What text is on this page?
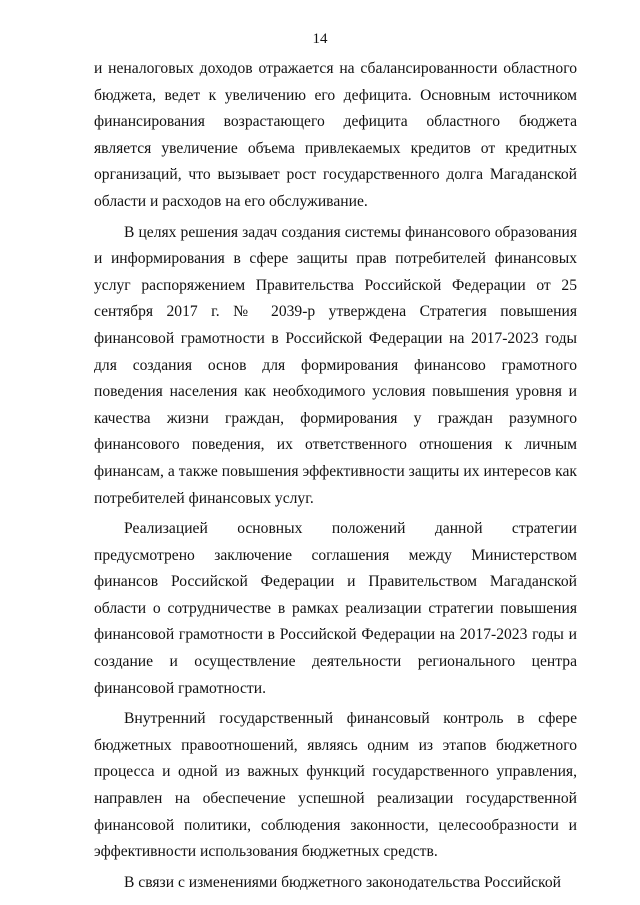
14

и неналоговых доходов отражается на сбалансированности областного бюджета, ведет к увеличению его дефицита. Основным источником финансирования возрастающего дефицита областного бюджета является увеличение объема привлекаемых кредитов от кредитных организаций, что вызывает рост государственного долга Магаданской области и расходов на его обслуживание.

В целях решения задач создания системы финансового образования и информирования в сфере защиты прав потребителей финансовых услуг распоряжением Правительства Российской Федерации от 25 сентября 2017 г. № 2039-р утверждена Стратегия повышения финансовой грамотности в Российской Федерации на 2017-2023 годы для создания основ для формирования финансово грамотного поведения населения как необходимого условия повышения уровня и качества жизни граждан, формирования у граждан разумного финансового поведения, их ответственного отношения к личным финансам, а также повышения эффективности защиты их интересов как потребителей финансовых услуг.

Реализацией основных положений данной стратегии предусмотрено заключение соглашения между Министерством финансов Российской Федерации и Правительством Магаданской области о сотрудничестве в рамках реализации стратегии повышения финансовой грамотности в Российской Федерации на 2017-2023 годы и создание и осуществление деятельности регионального центра финансовой грамотности.

Внутренний государственный финансовый контроль в сфере бюджетных правоотношений, являясь одним из этапов бюджетного процесса и одной из важных функций государственного управления, направлен на обеспечение успешной реализации государственной финансовой политики, соблюдения законности, целесообразности и эффективности использования бюджетных средств.

В связи с изменениями бюджетного законодательства Российской
